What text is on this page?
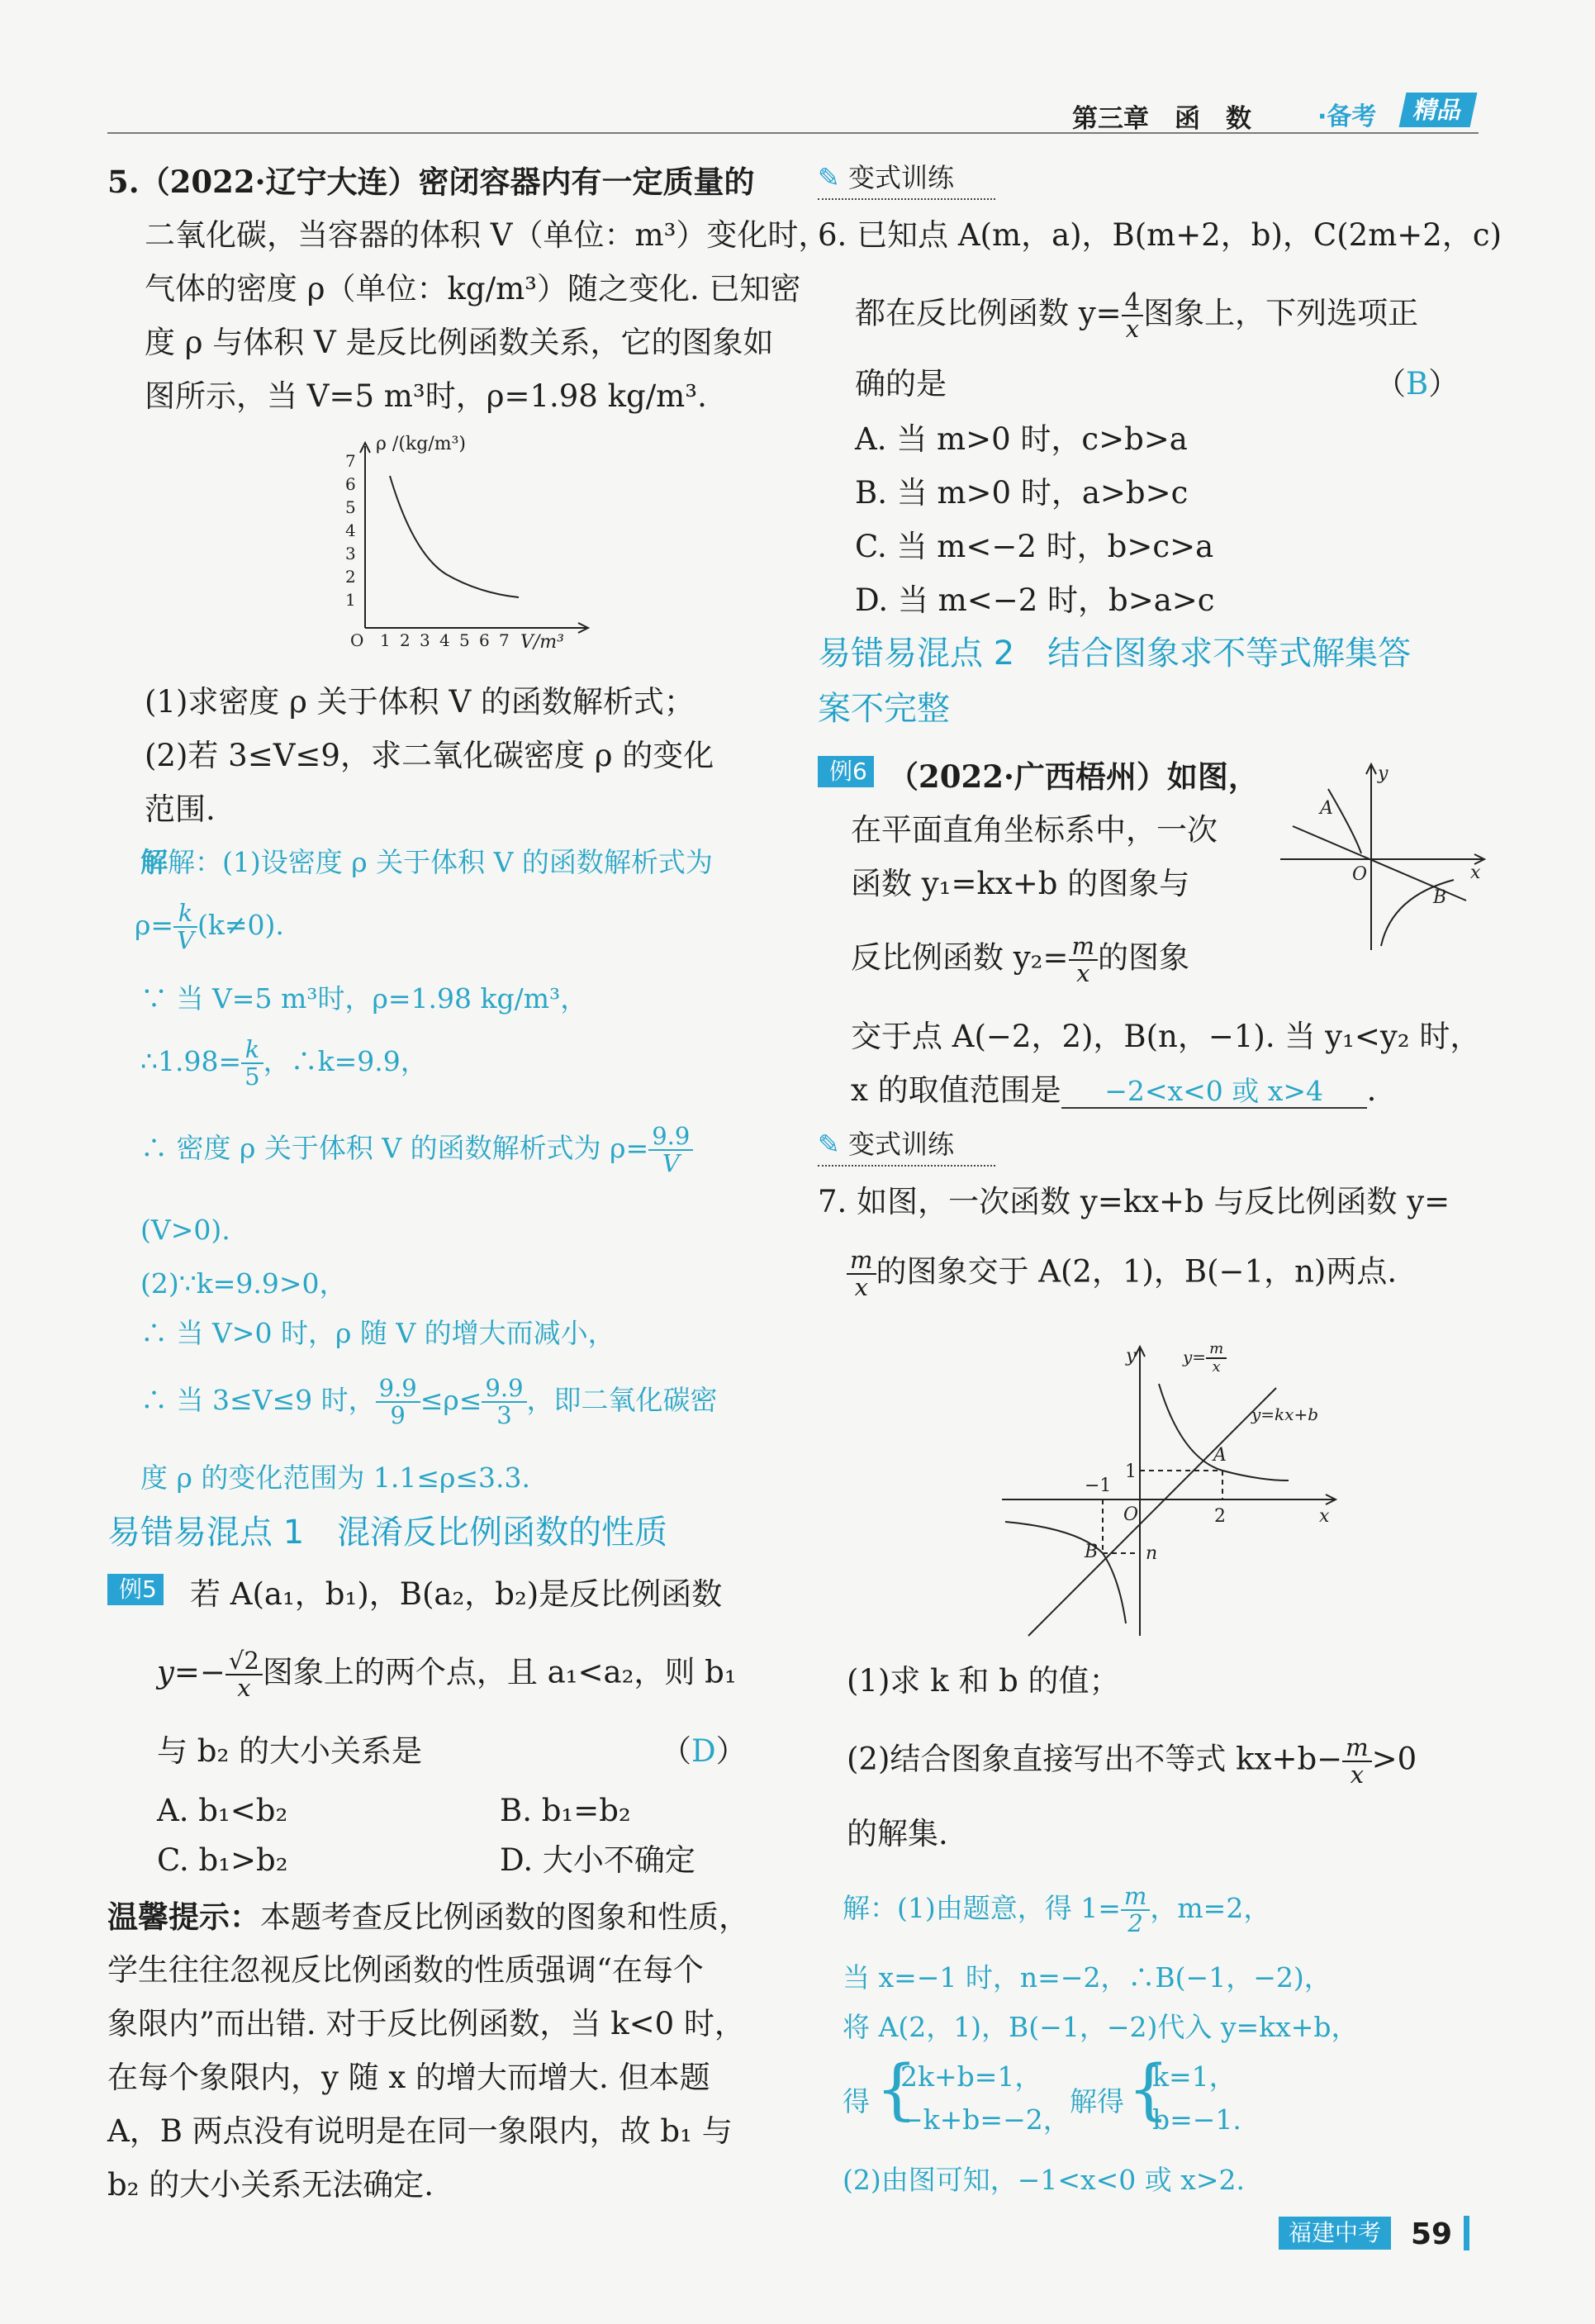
第三章　函　数	·备考	精品
5.（2022·辽宁大连）密闭容器内有一定质量的
二氧化碳，当容器的体积 V（单位：m³）变化时，
气体的密度 ρ（单位：kg/m³）随之变化. 已知密
度 ρ 与体积 V 是反比例函数关系，它的图象如
图所示，当 V=5 m³时，ρ=1.98 kg/m³.
7
6
5
4
3
2
1
O 1 2 3 4 5 6 7
ρ /(kg/m³)
V/m³
(1)求密度 ρ 关于体积 V 的函数解析式；
(2)若 3≤V≤9，求二氧化碳密度 ρ 的变化
范围.
解解：(1)设密度 ρ 关于体积 V 的函数解析式为
$\rho= \frac{k}{V} (k\ne 0)$.
∵ 当 V=5 m³时，ρ=1.98 kg/m³，
∴1.98= $\frac{k}{5}$ ，∴k=9.9，
∴ 密度 ρ 关于体积 V 的函数解析式为 $\rho= \frac{9.9}{V}$
(V>0).
(2)∵k=9.9>0，
∴ 当 V>0 时，ρ 随 V 的增大而减小，
∴ 当 3≤V≤9 时， $\frac{9.9}{9} \le\rho\le \frac{9.9}{3}$ ，即二氧化碳密
度 ρ 的变化范围为 1.1≤ρ≤3.3.
易错易混点 1　混淆反比例函数的性质
例5 若 A(a₁，b₁)，B(a₂，b₂)是反比例函数
$y=- \frac{√2}{x}$ 图象上的两个点，且 a₁<a₂，则 b₁
与 b₂ 的大小关系是	（D）
A. b₁<b₂	B. b₁=b₂
C. b₁>b₂	D. 大小不确定
温馨提示：本题考查反比例函数的图象和性质，
学生往往忽视反比例函数的性质强调“在每个
象限内”而出错. 对于反比例函数，当 k<0 时，
在每个象限内，y 随 x 的增大而增大. 但本题
A，B 两点没有说明是在同一象限内，故 b₁ 与
b₂ 的大小关系无法确定.
✎ 变式训练
6. 已知点 A(m，a)，B(m+2，b)，C(2m+2，c)
都在反比例函数 $y= \frac{4}{x}$ 图象上，下列选项正
确的是	（B）
A. 当 m>0 时，c>b>a
B. 当 m>0 时，a>b>c
C. 当 m<−2 时，b>c>a
D. 当 m<−2 时，b>a>c
易错易混点 2　结合图象求不等式解集答
案不完整
例6 （2022·广西梧州）如图，
在平面直角坐标系中，一次
函数 y₁=kx+b 的图象与
反比例函数 $y_2= \frac{m}{x}$ 的图象
交于点 A(−2，2)，B(n，−1). 当 y₁<y₂ 时，
x 的取值范围是 −2<x<0 或 x>4 .
y
x
O
A
B
✎ 变式训练
7. 如图，一次函数 y=kx+b 与反比例函数 y=
$\frac{m}{x}$ 的图象交于 A(2，1)，B(−1，n)两点.
y
x
O
1
−1
2
A
B	n
$y= \frac{m}{x}$
y=kx+b
(1)求 k 和 b 的值；
(2)结合图象直接写出不等式 $kx+b- \frac{m}{x} >0$
的解集.
解：(1)由题意，得 $1= \frac{m}{2}$ ，m=2，
当 x=−1 时，n=−2，∴B(−1，−2)，
将 A(2，1)，B(−1，−2)代入 y=kx+b，
得 {
2k+b=1，
−k+b=−2，
解得 {
k=1，
b=−1.
(2)由图可知，−1<x<0 或 x>2.
福建中考 59
